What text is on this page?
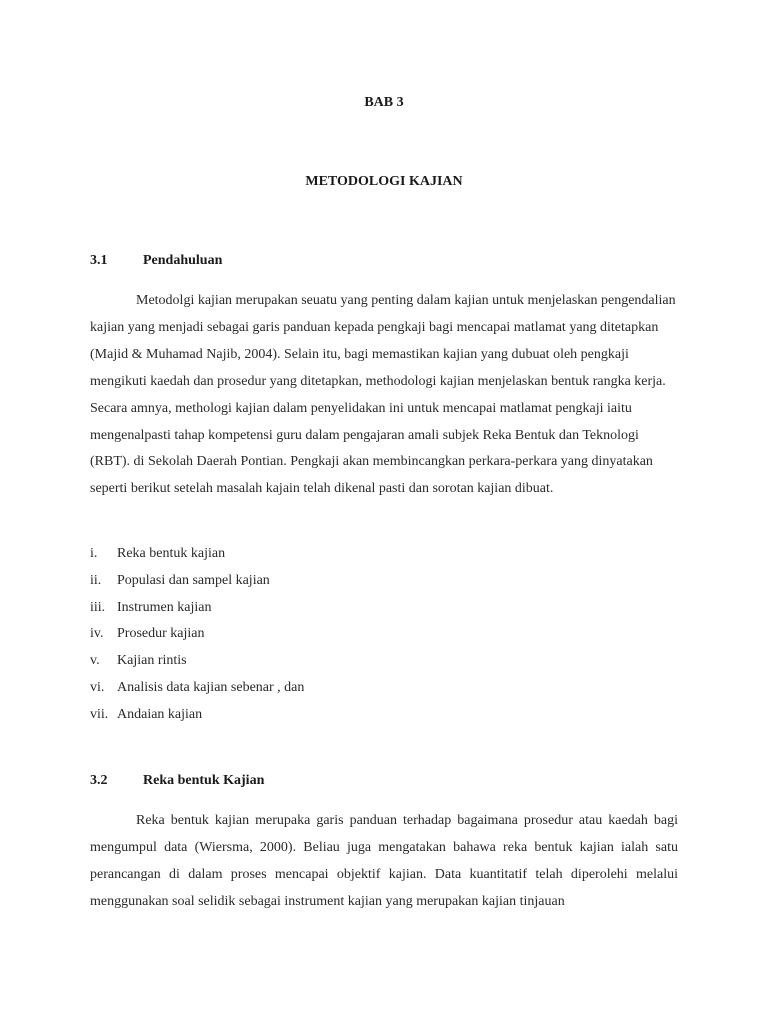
BAB 3
METODOLOGI KAJIAN
3.1	Pendahuluan

Metodolgi kajian merupakan seuatu yang penting dalam kajian untuk menjelaskan pengendalian kajian yang menjadi sebagai garis panduan kepada pengkaji bagi mencapai matlamat yang ditetapkan (Majid & Muhamad Najib, 2004). Selain itu, bagi memastikan kajian yang dubuat oleh pengkaji mengikuti kaedah dan prosedur yang ditetapkan, methodologi kajian menjelaskan bentuk rangka kerja. Secara amnya, methologi kajian dalam penyelidakan ini untuk mencapai matlamat pengkaji iaitu mengenalpasti tahap kompetensi guru dalam pengajaran amali subjek Reka Bentuk dan Teknologi (RBT). di Sekolah Daerah Pontian. Pengkaji akan membincangkan perkara-perkara yang dinyatakan seperti berikut setelah masalah kajain telah dikenal pasti dan sorotan kajian dibuat.

i. Reka bentuk kajian
ii. Populasi dan sampel kajian
iii. Instrumen kajian
iv. Prosedur kajian
v. Kajian rintis
vi. Analisis data kajian sebenar , dan
vii. Andaian kajian
3.2	Reka bentuk Kajian

Reka bentuk kajian merupaka garis panduan terhadap bagaimana prosedur atau kaedah bagi mengumpul data (Wiersma, 2000). Beliau juga mengatakan bahawa reka bentuk kajian ialah satu perancangan di dalam proses mencapai objektif kajian. Data kuantitatif telah diperolehi melalui menggunakan soal selidik sebagai instrument kajian yang merupakan kajian tinjauan
